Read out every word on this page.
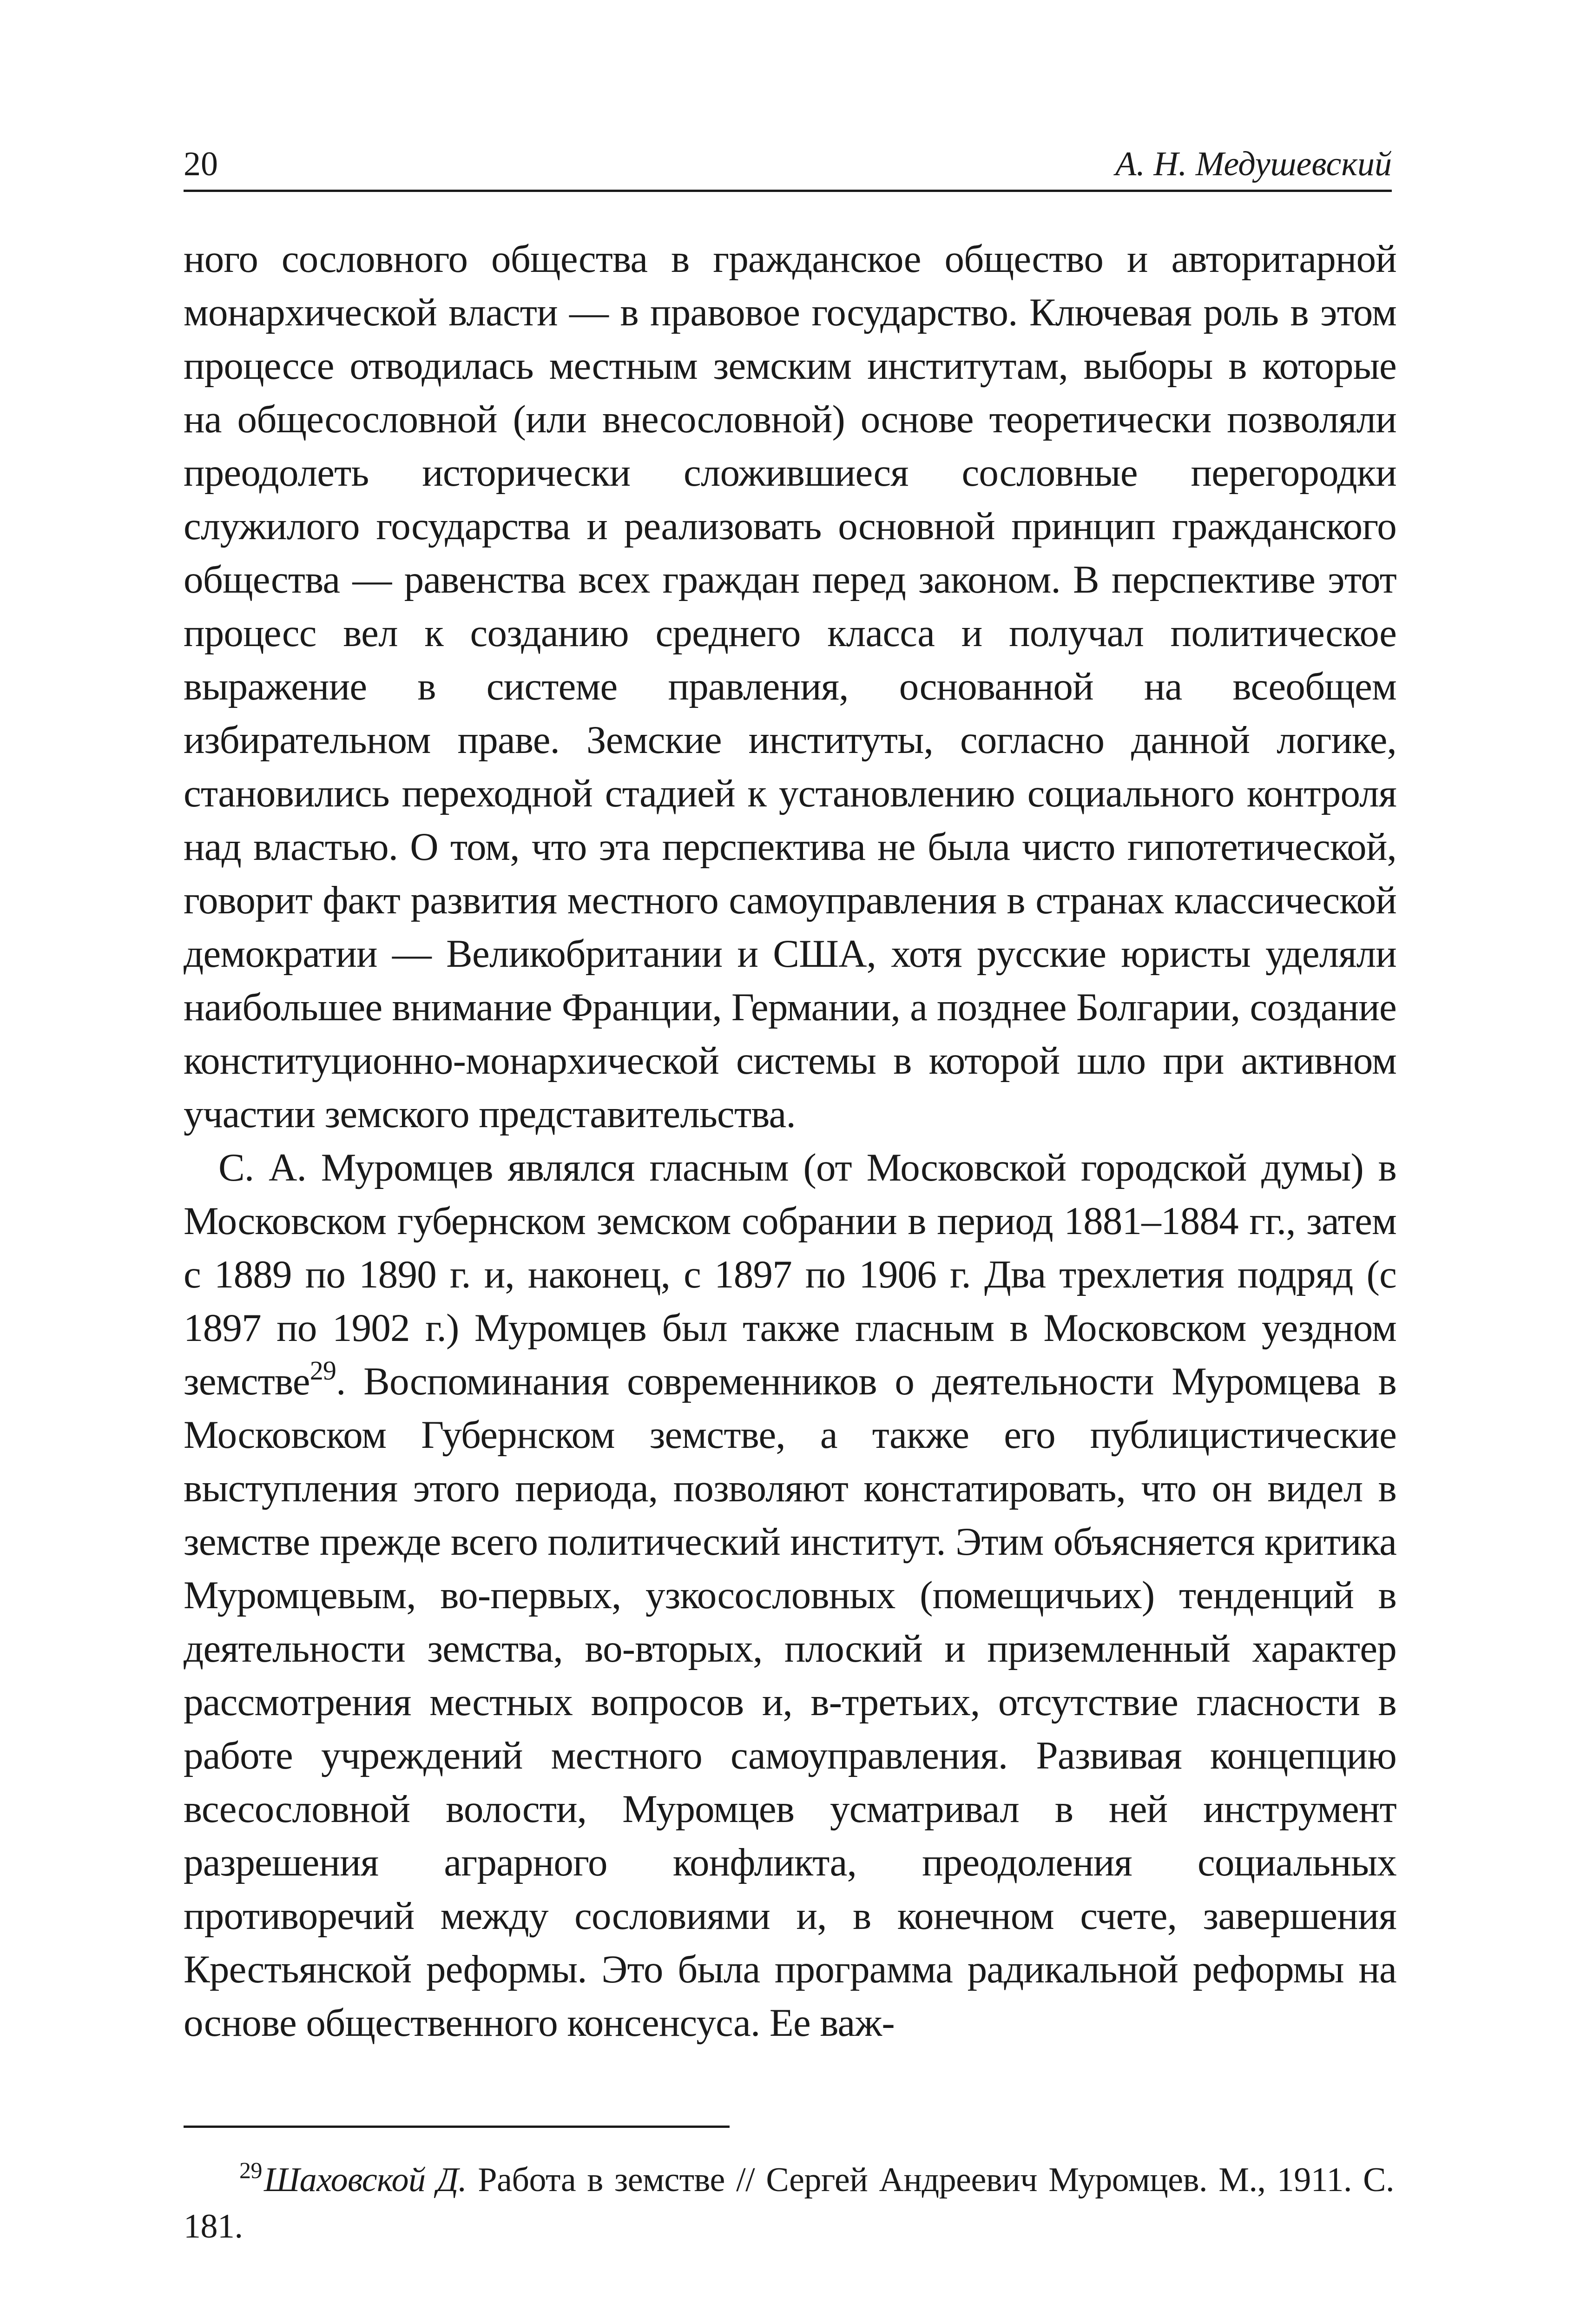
20	А. Н. Медушевский

ного сословного общества в гражданское общество и авторитарной монархической власти — в правовое государство. Ключевая роль в этом процессе отводилась местным земским институтам, выборы в которые на общесословной (или внесословной) основе теоретически позволяли преодолеть исторически сложившиеся сословные перегородки служилого государства и реализовать основной принцип гражданского общества — равенства всех граждан перед законом. В перспективе этот процесс вел к созданию среднего класса и получал политическое выражение в системе правления, основанной на всеобщем избирательном праве. Земские институты, согласно данной логике, становились переходной стадией к установлению социального контроля над властью. О том, что эта перспектива не была чисто гипотетической, говорит факт развития местного самоуправления в странах классической демократии — Великобритании и США, хотя русские юристы уделяли наибольшее внимание Франции, Германии, а позднее Болгарии, создание конституционно-монархической системы в которой шло при активном участии земского представительства.

С. А. Муромцев являлся гласным (от Московской городской думы) в Московском губернском земском собрании в период 1881–1884 гг., затем с 1889 по 1890 г. и, наконец, с 1897 по 1906 г. Два трехлетия подряд (с 1897 по 1902 г.) Муромцев был также гласным в Московском уездном земстве$^{29}$. Воспоминания современников о деятельности Муромцева в Московском Губернском земстве, а также его публицистические выступления этого периода, позволяют констатировать, что он видел в земстве прежде всего политический институт. Этим объясняется критика Муромцевым, во-первых, узкосословных (помещичьих) тенденций в деятельности земства, во-вторых, плоский и приземленный характер рассмотрения местных вопросов и, в-третьих, отсутствие гласности в работе учреждений местного самоуправления. Развивая концепцию всесословной волости, Муромцев усматривал в ней инструмент разрешения аграрного конфликта, преодоления социальных противоречий между сословиями и, в конечном счете, завершения Крестьянской реформы. Это была программа радикальной реформы на основе общественного консенсуса. Ее важ-

$^{29}$Шаховской Д. Работа в земстве // Сергей Андреевич Муромцев. М., 1911. С. 181.
